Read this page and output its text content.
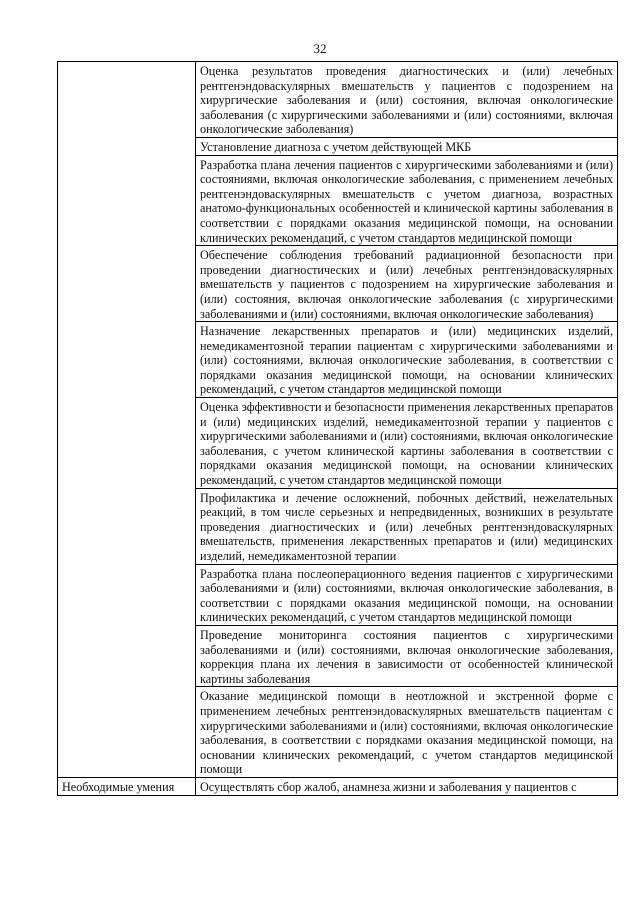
32
	Оценка результатов проведения диагностических и (или) лечебных рентгенэндоваскулярных вмешательств у пациентов с подозрением на хирургические заболевания и (или) состояния, включая онкологические заболевания (с хирургическими заболеваниями и (или) состояниями, включая онкологические заболевания)
	Установление диагноза с учетом действующей МКБ
	Разработка плана лечения пациентов с хирургическими заболеваниями и (или) состояниями, включая онкологические заболевания, с применением лечебных рентгенэндоваскулярных вмешательств с учетом диагноза, возрастных анатомо-функциональных особенностей и клинической картины заболевания в соответствии с порядками оказания медицинской помощи, на основании клинических рекомендаций, с учетом стандартов медицинской помощи
	Обеспечение соблюдения требований радиационной безопасности при проведении диагностических и (или) лечебных рентгенэндоваскулярных вмешательств у пациентов с подозрением на хирургические заболевания и (или) состояния, включая онкологические заболевания (с хирургическими заболеваниями и (или) состояниями, включая онкологические заболевания)
	Назначение лекарственных препаратов и (или) медицинских изделий, немедикаментозной терапии пациентам с хирургическими заболеваниями и (или) состояниями, включая онкологические заболевания, в соответствии с порядками оказания медицинской помощи, на основании клинических рекомендаций, с учетом стандартов медицинской помощи
	Оценка эффективности и безопасности применения лекарственных препаратов и (или) медицинских изделий, немедикаментозной терапии у пациентов с хирургическими заболеваниями и (или) состояниями, включая онкологические заболевания, с учетом клинической картины заболевания в соответствии с порядками оказания медицинской помощи, на основании клинических рекомендаций, с учетом стандартов медицинской помощи
	Профилактика и лечение осложнений, побочных действий, нежелательных реакций, в том числе серьезных и непредвиденных, возникших в результате проведения диагностических и (или) лечебных рентгенэндоваскулярных вмешательств, применения лекарственных препаратов и (или) медицинских изделий, немедикаментозной терапии
	Разработка плана послеоперационного ведения пациентов с хирургическими заболеваниями и (или) состояниями, включая онкологические заболевания, в соответствии с порядками оказания медицинской помощи, на основании клинических рекомендаций, с учетом стандартов медицинской помощи
	Проведение мониторинга состояния пациентов с хирургическими заболеваниями и (или) состояниями, включая онкологические заболевания, коррекция плана их лечения в зависимости от особенностей клинической картины заболевания
	Оказание медицинской помощи в неотложной и экстренной форме с применением лечебных рентгенэндоваскулярных вмешательств пациентам с хирургическими заболеваниями и (или) состояниями, включая онкологические заболевания, в соответствии с порядками оказания медицинской помощи, на основании клинических рекомендаций, с учетом стандартов медицинской помощи
Необходимые умения	Осуществлять сбор жалоб, анамнеза жизни и заболевания у пациентов с
